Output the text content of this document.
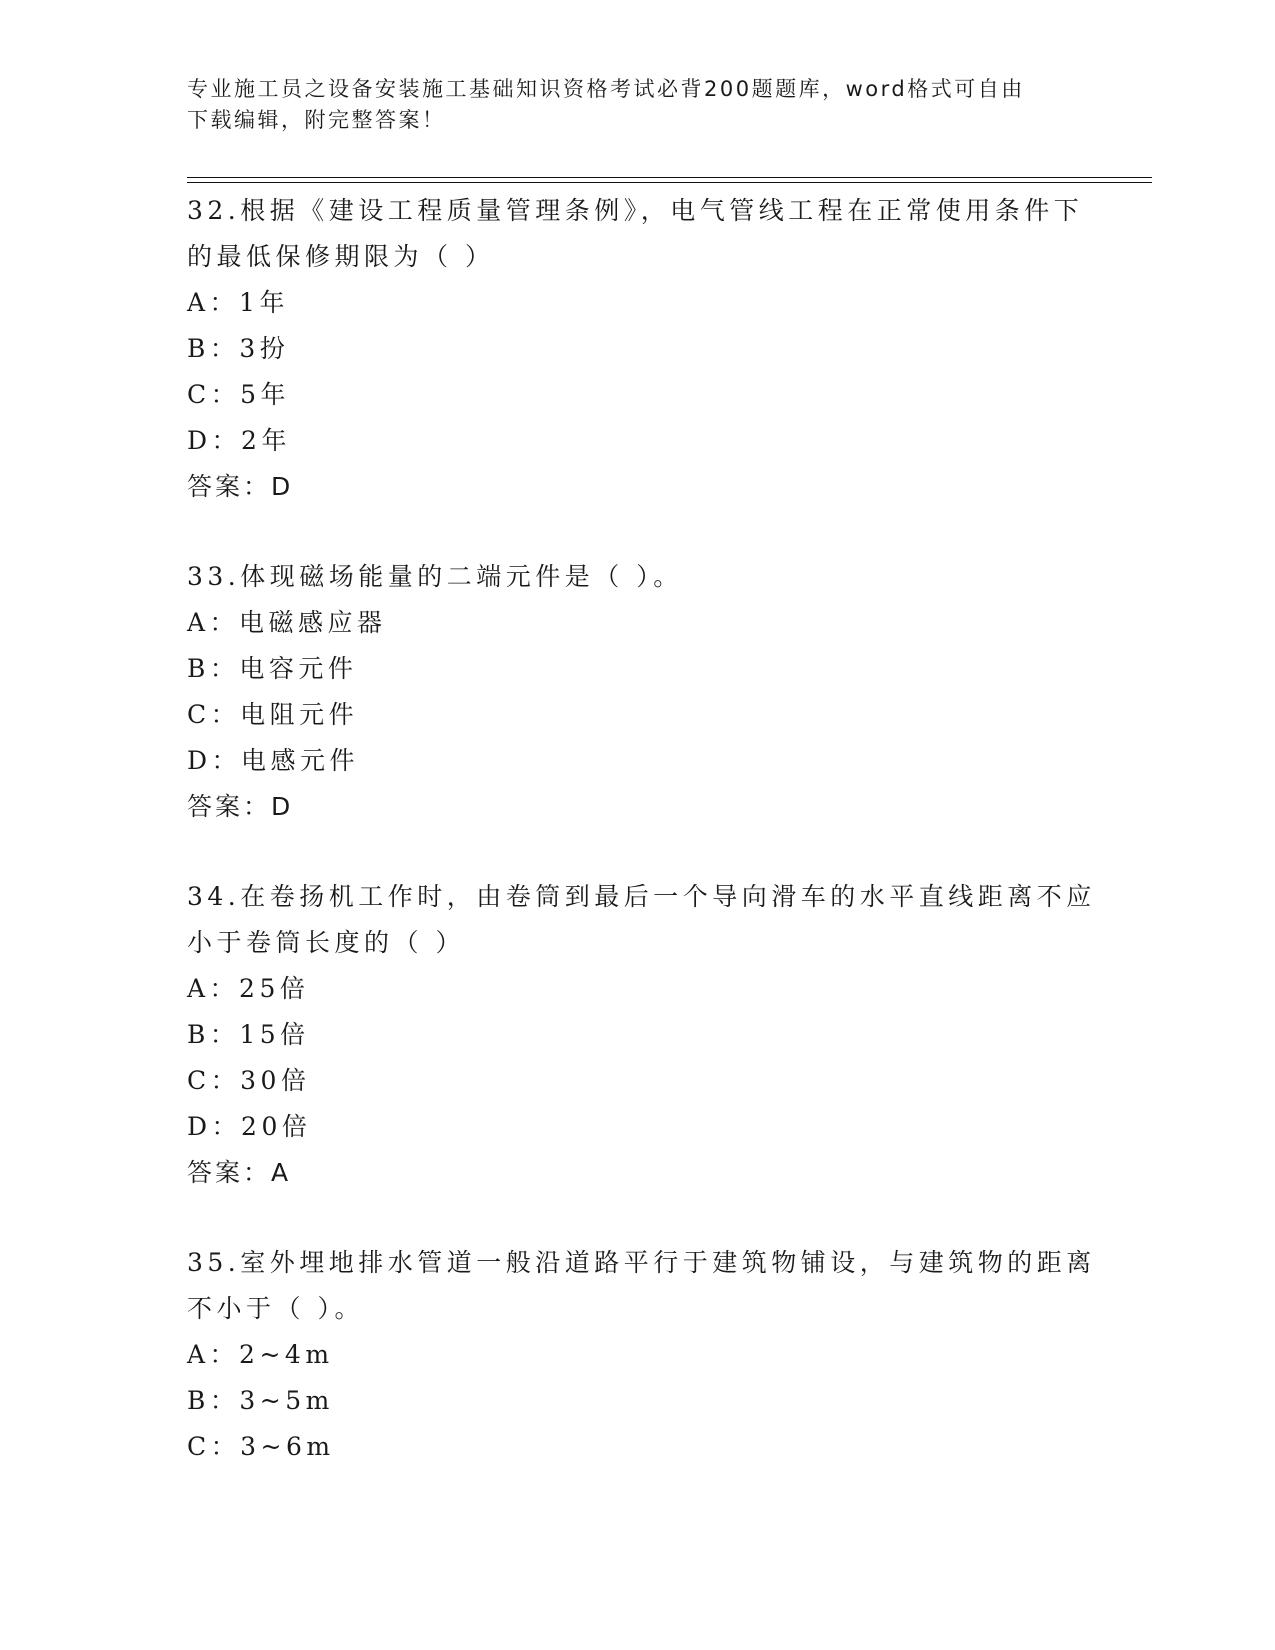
专业施工员之设备安装施工基础知识资格考试必背200题题库，word格式可自由
下载编辑，附完整答案！
32.根据《建设工程质量管理条例》，电气管线工程在正常使用条件下
的最低保修期限为（ ）
A：1年
B：3扮
C：5年
D：2年
答案：D
33.体现磁场能量的二端元件是（ ）。
A：电磁感应器
B：电容元件
C：电阻元件
D：电感元件
答案：D
34.在卷扬机工作时，由卷筒到最后一个导向滑车的水平直线距离不应
小于卷筒长度的（ ）
A：25倍
B：15倍
C：30倍
D：20倍
答案：A
35.室外埋地排水管道一般沿道路平行于建筑物铺设，与建筑物的距离
不小于（ ）。
A：2~4m
B：3~5m
C：3~6m
